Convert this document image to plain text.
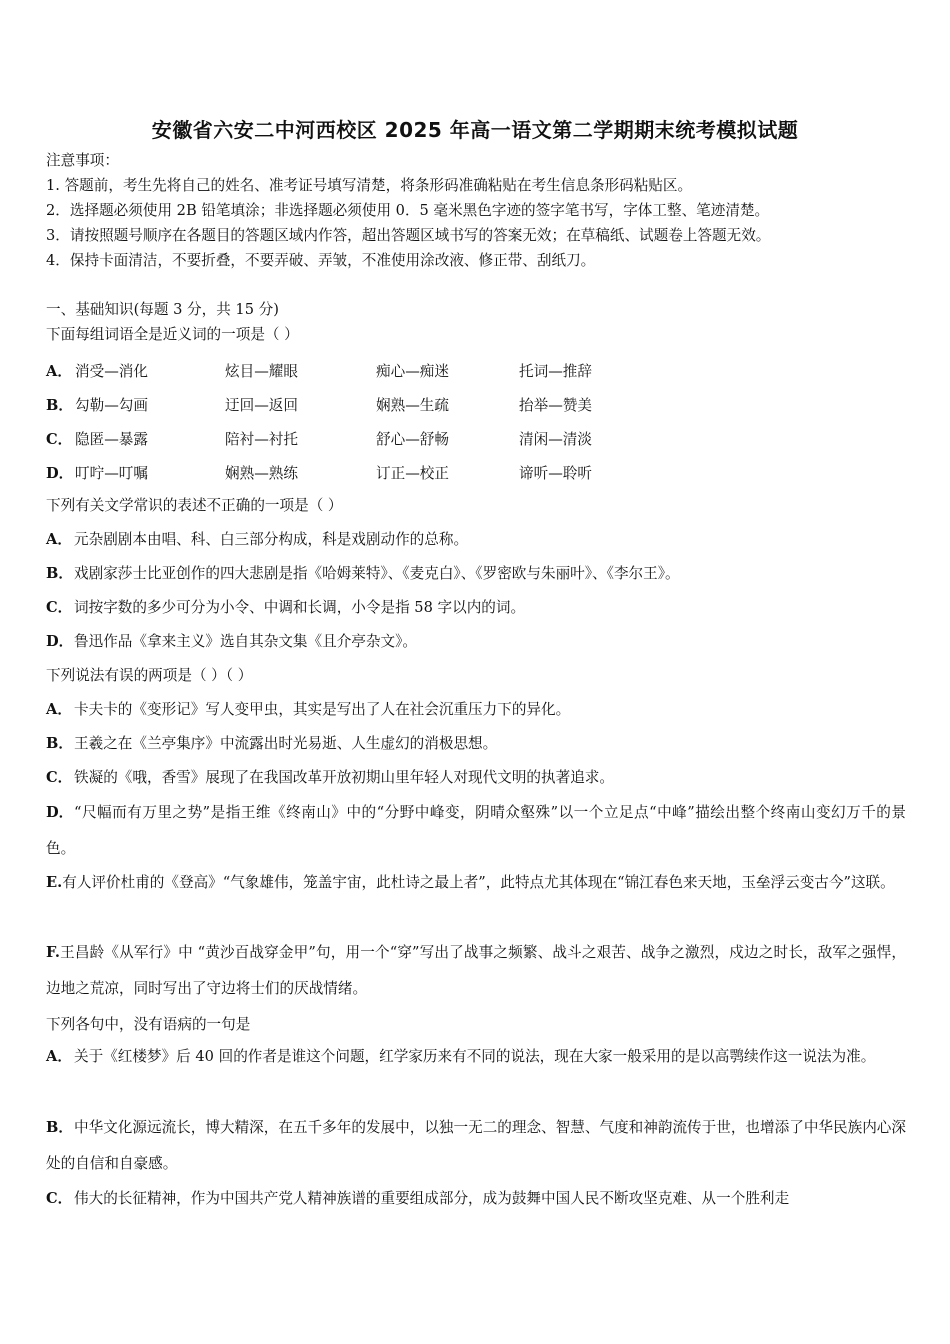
安徽省六安二中河西校区 2025 年高一语文第二学期期末统考模拟试题
注意事项：
1. 答题前，考生先将自己的姓名、准考证号填写清楚，将条形码准确粘贴在考生信息条形码粘贴区。
2．选择题必须使用 2B 铅笔填涂；非选择题必须使用 0．5 毫米黑色字迹的签字笔书写，字体工整、笔迹清楚。
3．请按照题号顺序在各题目的答题区域内作答，超出答题区域书写的答案无效；在草稿纸、试题卷上答题无效。
4．保持卡面清洁，不要折叠，不要弄破、弄皱，不准使用涂改液、修正带、刮纸刀。
一、基础知识(每题 3 分，共 15 分)
下面每组词语全是近义词的一项是（ ）
A． 消受—消化	炫目—耀眼	痴心—痴迷	托词—推辞
B． 勾勒—勾画	迂回—返回	娴熟—生疏	抬举—赞美
C． 隐匿—暴露	陪衬—衬托	舒心—舒畅	清闲—清淡
D． 叮咛—叮嘱	娴熟—熟练	订正—校正	谛听—聆听
下列有关文学常识的表述不正确的一项是（ ）
A． 元杂剧剧本由唱、科、白三部分构成，科是戏剧动作的总称。
B．戏剧家莎士比亚创作的四大悲剧是指《哈姆莱特》、《麦克白》、《罗密欧与朱丽叶》、《李尔王》。
C． 词按字数的多少可分为小令、中调和长调，小令是指 58 字以内的词。
D．鲁迅作品《拿来主义》选自其杂文集《且介亭杂文》。
下列说法有误的两项是（ ）（ ）
A． 卡夫卡的《变形记》写人变甲虫，其实是写出了人在社会沉重压力下的异化。
B．王羲之在《兰亭集序》中流露出时光易逝、人生虚幻的消极思想。
C． 铁凝的《哦，香雪》展现了在我国改革开放初期山里年轻人对现代文明的执著追求。
D．“尺幅而有万里之势”是指王维《终南山》中的“分野中峰变，阴晴众壑殊”以一个立足点“中峰”描绘出整个终南山变幻万千的景色。
E.有人评价杜甫的《登高》“气象雄伟，笼盖宇宙，此杜诗之最上者”，此特点尤其体现在“锦江春色来天地，玉垒浮云变古今”这联。
F.王昌龄《从军行》中 “黄沙百战穿金甲”句，用一个“穿”写出了战事之频繁、战斗之艰苦、战争之激烈，戍边之时长，敌军之强悍，边地之荒凉，同时写出了守边将士们的厌战情绪。
下列各句中，没有语病的一句是
A． 关于《红楼梦》后 40 回的作者是谁这个问题，红学家历来有不同的说法，现在大家一般采用的是以高鹗续作这一说法为准。
B．中华文化源远流长，博大精深，在五千多年的发展中，以独一无二的理念、智慧、气度和神韵流传于世，也增添了中华民族内心深处的自信和自豪感。
C． 伟大的长征精神，作为中国共产党人精神族谱的重要组成部分，成为鼓舞中国人民不断攻坚克难、从一个胜利走
